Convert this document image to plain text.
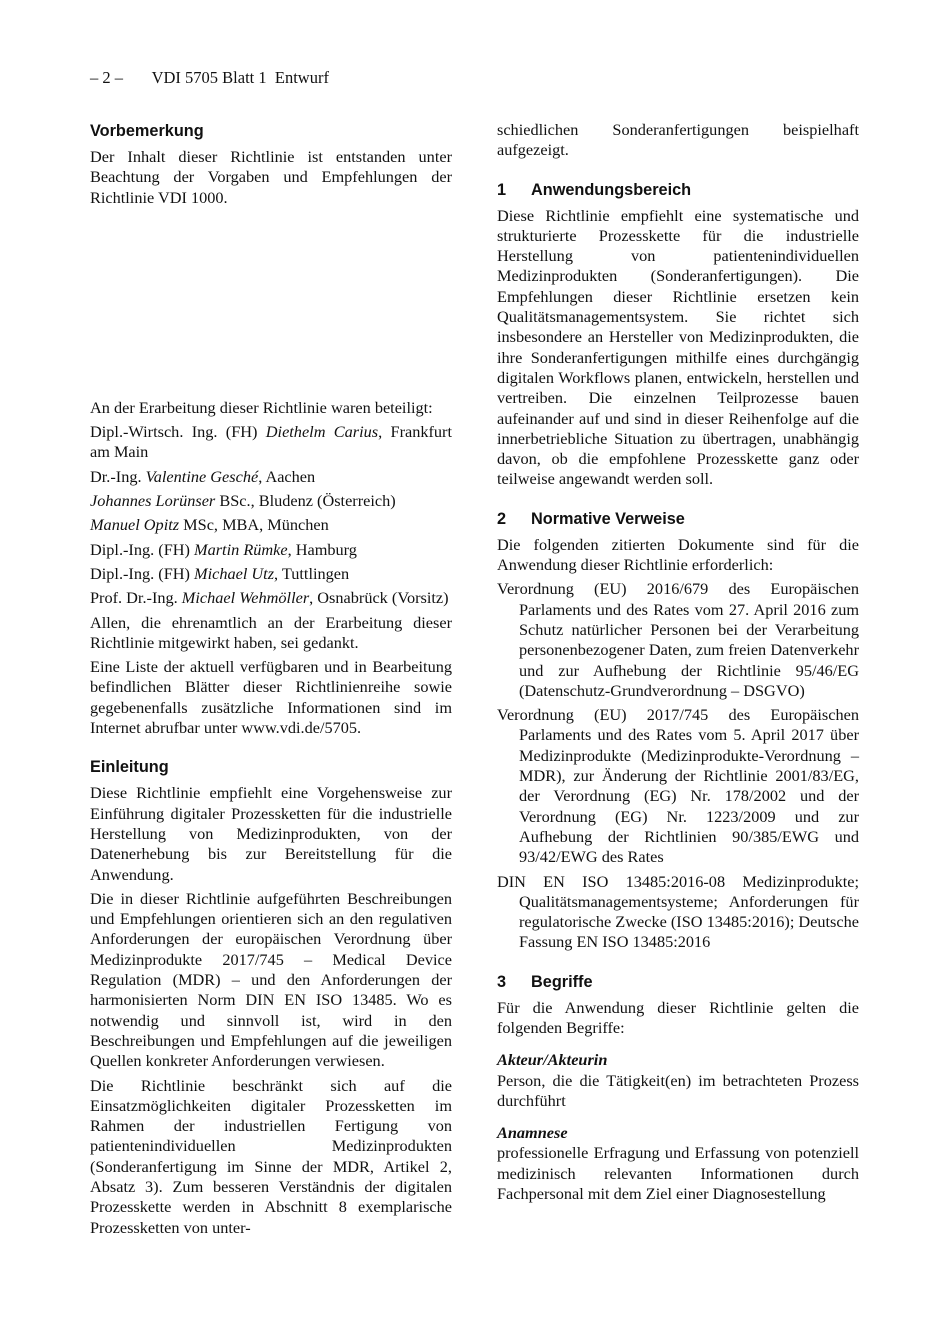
– 2 – VDI 5705 Blatt 1 Entwurf
Vorbemerkung

Der Inhalt dieser Richtlinie ist entstanden unter Beachtung der Vorgaben und Empfehlungen der Richtlinie VDI 1000.

An der Erarbeitung dieser Richtlinie waren beteiligt:

Dipl.-Wirtsch. Ing. (FH) Diethelm Carius, Frankfurt am Main

Dr.-Ing. Valentine Gesché, Aachen

Johannes Lorünser BSc., Bludenz (Österreich)

Manuel Opitz MSc, MBA, München

Dipl.-Ing. (FH) Martin Rümke, Hamburg

Dipl.-Ing. (FH) Michael Utz, Tuttlingen

Prof. Dr.-Ing. Michael Wehmöller, Osnabrück (Vorsitz)

Allen, die ehrenamtlich an der Erarbeitung dieser Richtlinie mitgewirkt haben, sei gedankt.

Eine Liste der aktuell verfügbaren und in Bearbeitung befindlichen Blätter dieser Richtlinienreihe sowie gegebenenfalls zusätzliche Informationen sind im Internet abrufbar unter www.vdi.de/5705.

Einleitung

Diese Richtlinie empfiehlt eine Vorgehensweise zur Einführung digitaler Prozessketten für die industrielle Herstellung von Medizinprodukten, von der Datenerhebung bis zur Bereitstellung für die Anwendung.

Die in dieser Richtlinie aufgeführten Beschreibungen und Empfehlungen orientieren sich an den regulativen Anforderungen der europäischen Verordnung über Medizinprodukte 2017/745 – Medical Device Regulation (MDR) – und den Anforderungen der harmonisierten Norm DIN EN ISO 13485. Wo es notwendig und sinnvoll ist, wird in den Beschreibungen und Empfehlungen auf die jeweiligen Quellen konkreter Anforderungen verwiesen.

Die Richtlinie beschränkt sich auf die Einsatzmöglichkeiten digitaler Prozessketten im Rahmen der industriellen Fertigung von patientenindividuellen Medizinprodukten (Sonderanfertigung im Sinne der MDR, Artikel 2, Absatz 3). Zum besseren Verständnis der digitalen Prozesskette werden in Abschnitt 8 exemplarische Prozessketten von unter-

schiedlichen Sonderanfertigungen beispielhaft aufgezeigt.

1 Anwendungsbereich

Diese Richtlinie empfiehlt eine systematische und strukturierte Prozesskette für die industrielle Herstellung von patientenindividuellen Medizinprodukten (Sonderanfertigungen). Die Empfehlungen dieser Richtlinie ersetzen kein Qualitätsmanagementsystem. Sie richtet sich insbesondere an Hersteller von Medizinprodukten, die ihre Sonderanfertigungen mithilfe eines durchgängig digitalen Workflows planen, entwickeln, herstellen und vertreiben. Die einzelnen Teilprozesse bauen aufeinander auf und sind in dieser Reihenfolge auf die innerbetriebliche Situation zu übertragen, unabhängig davon, ob die empfohlene Prozesskette ganz oder teilweise angewandt werden soll.

2 Normative Verweise

Die folgenden zitierten Dokumente sind für die Anwendung dieser Richtlinie erforderlich:

Verordnung (EU) 2016/679 des Europäischen Parlaments und des Rates vom 27. April 2016 zum Schutz natürlicher Personen bei der Verarbeitung personenbezogener Daten, zum freien Datenverkehr und zur Aufhebung der Richtlinie 95/46/EG (Datenschutz-Grundverordnung – DSGVO)

Verordnung (EU) 2017/745 des Europäischen Parlaments und des Rates vom 5. April 2017 über Medizinprodukte (Medizinprodukte-Verordnung – MDR), zur Änderung der Richtlinie 2001/83/EG, der Verordnung (EG) Nr. 178/2002 und der Verordnung (EG) Nr. 1223/2009 und zur Aufhebung der Richtlinien 90/385/EWG und 93/42/EWG des Rates

DIN EN ISO 13485:2016-08 Medizinprodukte; Qualitätsmanagementsysteme; Anforderungen für regulatorische Zwecke (ISO 13485:2016); Deutsche Fassung EN ISO 13485:2016

3 Begriffe

Für die Anwendung dieser Richtlinie gelten die folgenden Begriffe:

Akteur/Akteurin

Person, die die Tätigkeit(en) im betrachteten Prozess durchführt

Anamnese

professionelle Erfragung und Erfassung von potenziell medizinisch relevanten Informationen durch Fachpersonal mit dem Ziel einer Diagnosestellung
